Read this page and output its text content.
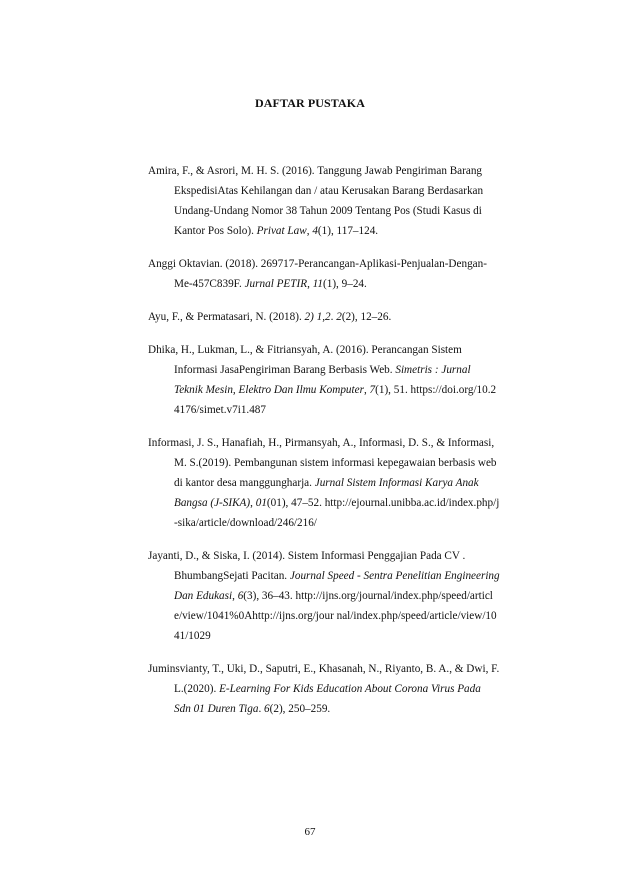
DAFTAR PUSTAKA

Amira, F., & Asrori, M. H. S. (2016). Tanggung Jawab Pengiriman Barang EkspedisiAtas Kehilangan dan / atau Kerusakan Barang Berdasarkan Undang-Undang Nomor 38 Tahun 2009 Tentang Pos (Studi Kasus di Kantor Pos Solo). Privat Law, 4(1), 117–124.

Anggi Oktavian. (2018). 269717-Perancangan-Aplikasi-Penjualan-Dengan-Me-457C839F. Jurnal PETIR, 11(1), 9–24.

Ayu, F., & Permatasari, N. (2018). 2) 1,2. 2(2), 12–26.

Dhika, H., Lukman, L., & Fitriansyah, A. (2016). Perancangan Sistem Informasi JasaPengiriman Barang Berbasis Web. Simetris : Jurnal Teknik Mesin, Elektro Dan Ilmu Komputer, 7(1), 51. https://doi.org/10.24176/simet.v7i1.487

Informasi, J. S., Hanafiah, H., Pirmansyah, A., Informasi, D. S., & Informasi, M. S.(2019). Pembangunan sistem informasi kepegawaian berbasis web di kantor desa manggungharja. Jurnal Sistem Informasi Karya Anak Bangsa (J-SIKA), 01(01), 47–52. http://ejournal.unibba.ac.id/index.php/j-sika/article/download/246/216/

Jayanti, D., & Siska, I. (2014). Sistem Informasi Penggajian Pada CV . BhumbangSejati Pacitan. Journal Speed - Sentra Penelitian Engineering Dan Edukasi, 6(3), 36–43. http://ijns.org/journal/index.php/speed/article/view/1041%0Ahttp://ijns.org/jour nal/index.php/speed/article/view/1041/1029

Juminsvianty, T., Uki, D., Saputri, E., Khasanah, N., Riyanto, B. A., & Dwi, F. L.(2020). E-Learning For Kids Education About Corona Virus Pada Sdn 01 Duren Tiga. 6(2), 250–259.

67
